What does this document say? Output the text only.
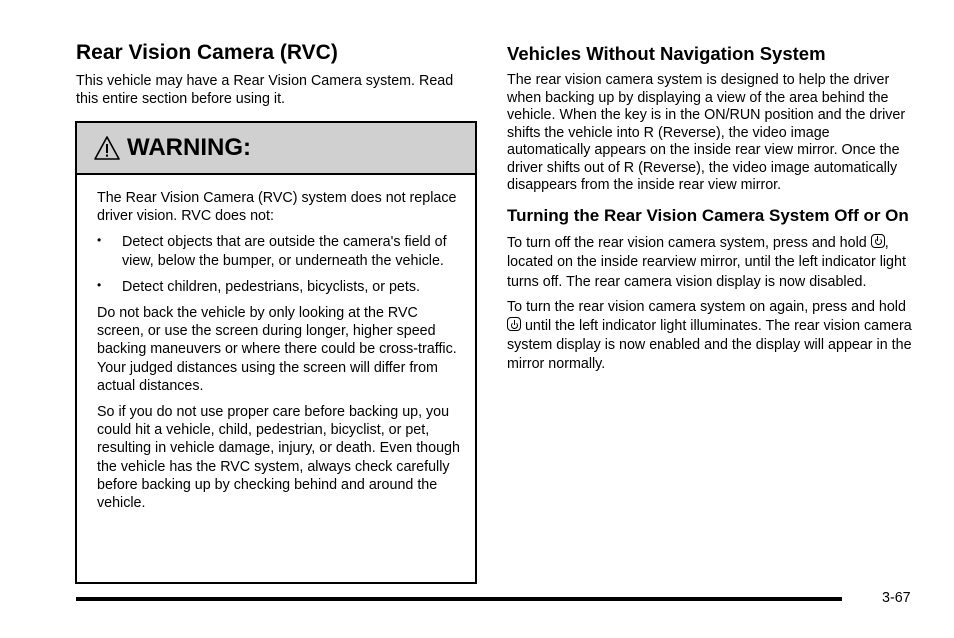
Rear Vision Camera (RVC)

This vehicle may have a Rear Vision Camera system. Read this entire section before using it.

WARNING:

The Rear Vision Camera (RVC) system does not replace driver vision. RVC does not:

• Detect objects that are outside the camera's field of view, below the bumper, or underneath the vehicle.
• Detect children, pedestrians, bicyclists, or pets.

Do not back the vehicle by only looking at the RVC screen, or use the screen during longer, higher speed backing maneuvers or where there could be cross-traffic. Your judged distances using the screen will differ from actual distances.

So if you do not use proper care before backing up, you could hit a vehicle, child, pedestrian, bicyclist, or pet, resulting in vehicle damage, injury, or death. Even though the vehicle has the RVC system, always check carefully before backing up by checking behind and around the vehicle.

Vehicles Without Navigation System

The rear vision camera system is designed to help the driver when backing up by displaying a view of the area behind the vehicle. When the key is in the ON/RUN position and the driver shifts the vehicle into R (Reverse), the video image automatically appears on the inside rear view mirror. Once the driver shifts out of R (Reverse), the video image automatically disappears from the inside rear view mirror.

Turning the Rear Vision Camera System Off or On

To turn off the rear vision camera system, press and hold , located on the inside rearview mirror, until the left indicator light turns off. The rear camera vision display is now disabled.

To turn the rear vision camera system on again, press and hold  until the left indicator light illuminates. The rear vision camera system display is now enabled and the display will appear in the mirror normally.

3-67
